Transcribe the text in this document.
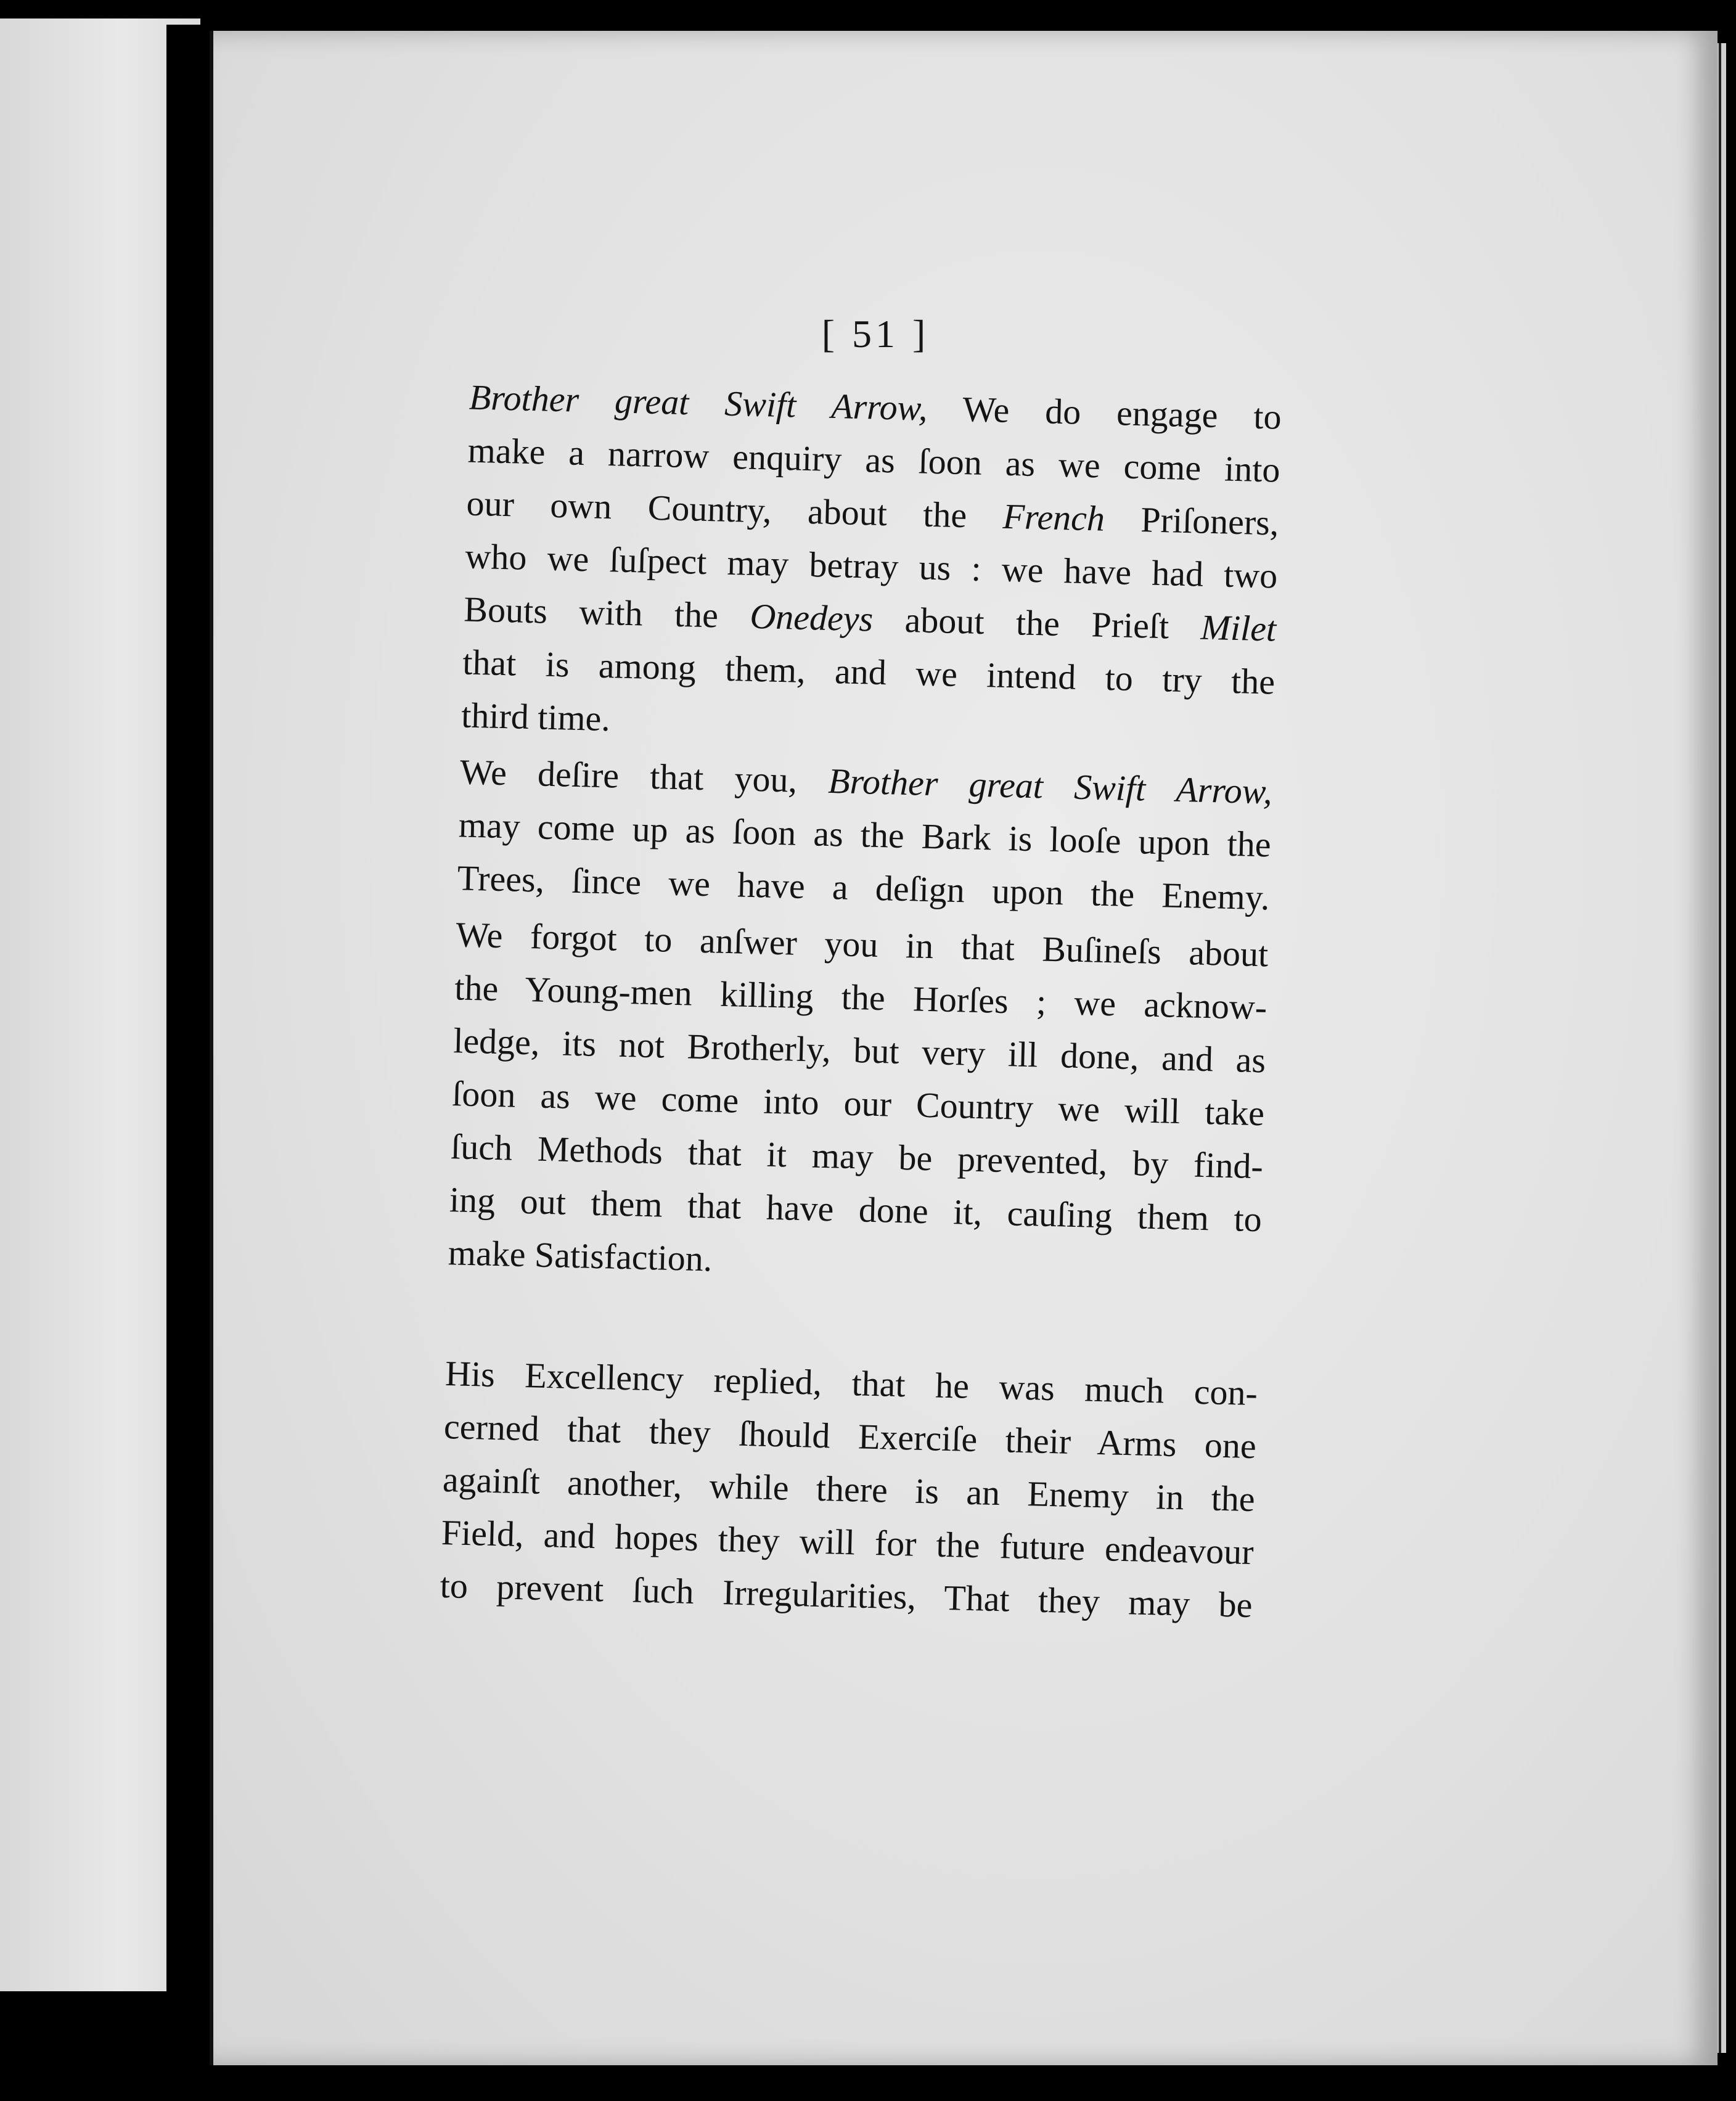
[ 51 ]

Brother great Swift Arrow, We do engage to
make a narrow enquiry as ſoon as we come into
our own Country, about the French Priſoners,
who we ſuſpect may betray us : we have had two
Bouts with the Onedeys about the Prieſt Milet
that is among them, and we intend to try the
third time.

We deſire that you, Brother great Swift Arrow,
may come up as ſoon as the Bark is looſe upon the
Trees, ſince we have a deſign upon the Enemy.

We forgot to anſwer you in that Buſineſs about
the Young-men killing the Horſes ; we acknow-
ledge, its not Brotherly, but very ill done, and as
ſoon as we come into our Country we will take
ſuch Methods that it may be prevented, by find-
ing out them that have done it, cauſing them to
make Satisfaction.

His Excellency replied, that he was much con-
cerned that they ſhould Exerciſe their Arms one
againſt another, while there is an Enemy in the
Field, and hopes they will for the future endeavour
to prevent ſuch Irregularities, That they may be
